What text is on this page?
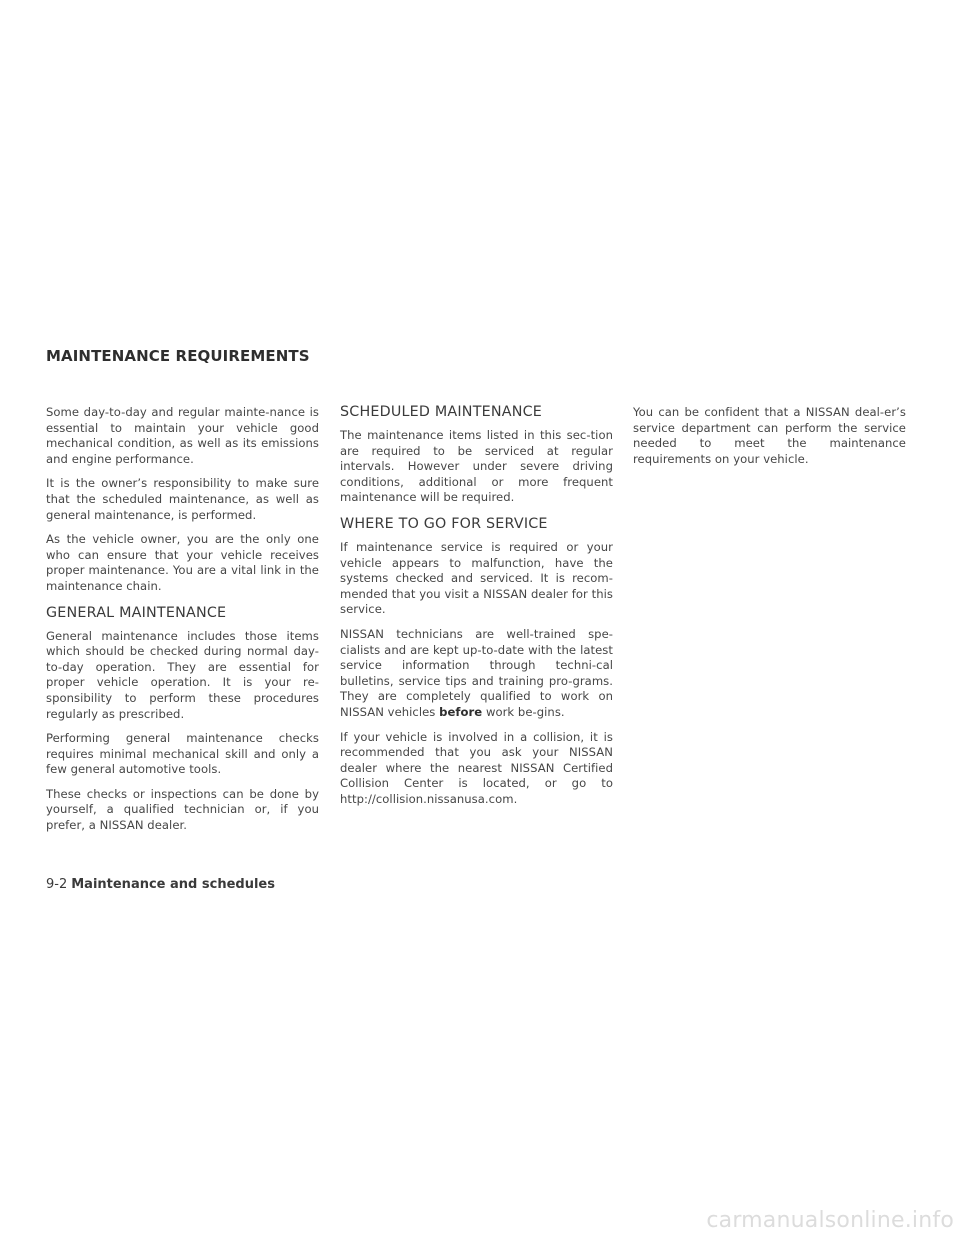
MAINTENANCE REQUIREMENTS

Some day-to-day and regular mainte-nance is essential to maintain your vehicle good mechanical condition, as well as its emissions and engine performance.

It is the owner’s responsibility to make sure that the scheduled maintenance, as well as general maintenance, is performed.

As the vehicle owner, you are the only one who can ensure that your vehicle receives proper maintenance. You are a vital link in the maintenance chain.

GENERAL MAINTENANCE

General maintenance includes those items which should be checked during normal day-to-day operation. They are essential for proper vehicle operation. It is your re-sponsibility to perform these procedures regularly as prescribed.

Performing general maintenance checks requires minimal mechanical skill and only a few general automotive tools.

These checks or inspections can be done by yourself, a qualified technician or, if you prefer, a NISSAN dealer.

SCHEDULED MAINTENANCE

The maintenance items listed in this sec-tion are required to be serviced at regular intervals. However under severe driving conditions, additional or more frequent maintenance will be required.

WHERE TO GO FOR SERVICE

If maintenance service is required or your vehicle appears to malfunction, have the systems checked and serviced. It is recom-mended that you visit a NISSAN dealer for this service.

NISSAN technicians are well-trained spe-cialists and are kept up-to-date with the latest service information through techni-cal bulletins, service tips and training pro-grams. They are completely qualified to work on NISSAN vehicles before work be-gins.

If your vehicle is involved in a collision, it is recommended that you ask your NISSAN dealer where the nearest NISSAN Certified Collision Center is located, or go to http://collision.nissanusa.com.

You can be confident that a NISSAN deal-er’s service department can perform the service needed to meet the maintenance requirements on your vehicle.

9-2 Maintenance and schedules
carmanualsonline.info
